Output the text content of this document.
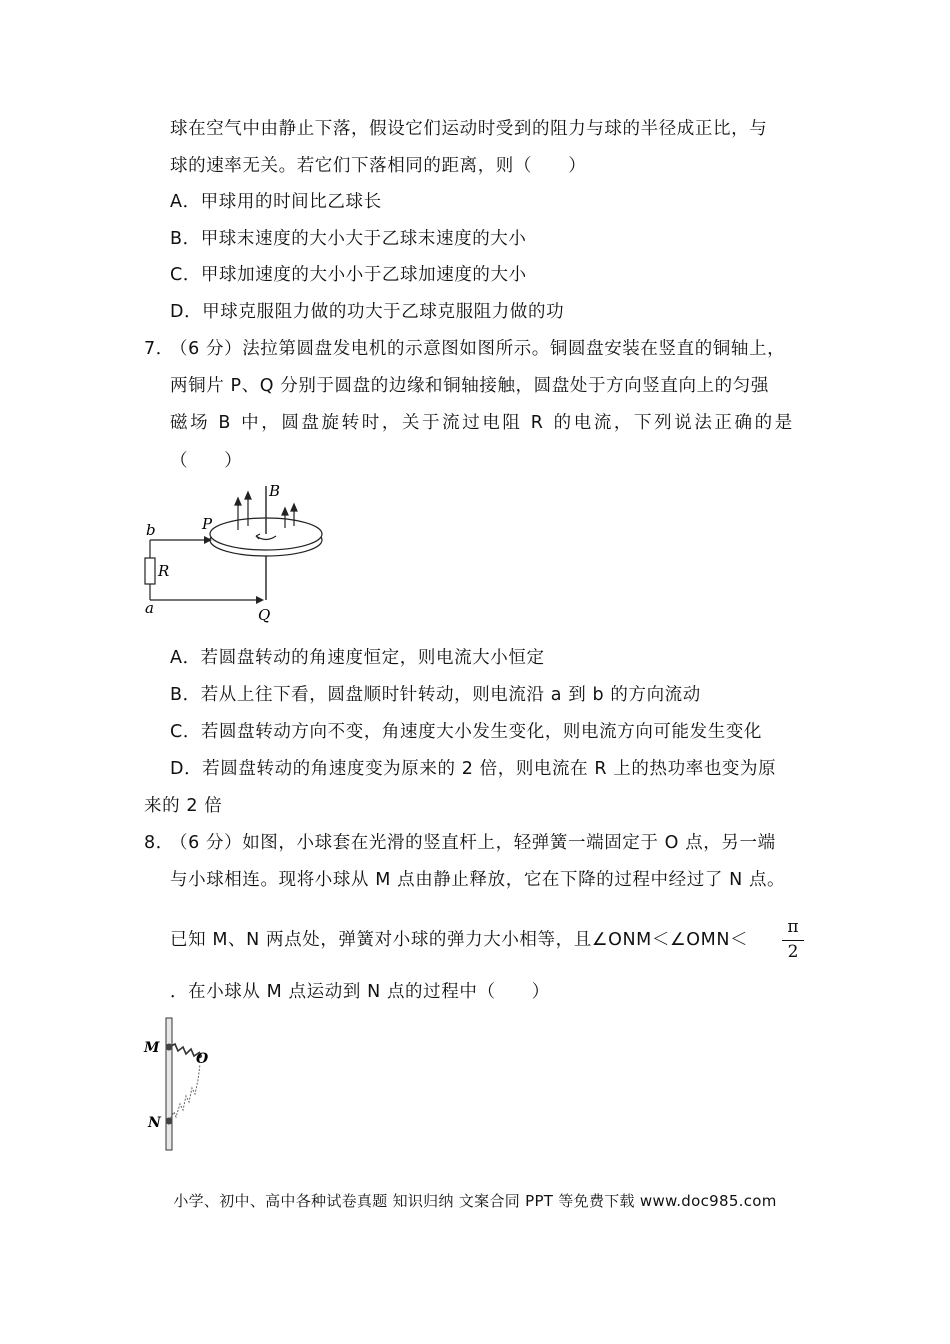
球在空气中由静止下落，假设它们运动时受到的阻力与球的半径成正比，与
球的速率无关。若它们下落相同的距离，则（　　）
A．甲球用的时间比乙球长
B．甲球末速度的大小大于乙球末速度的大小
C．甲球加速度的大小小于乙球加速度的大小
D．甲球克服阻力做的功大于乙球克服阻力做的功
7．
（6 分）法拉第圆盘发电机的示意图如图所示。铜圆盘安装在竖直的铜轴上，
两铜片 P、Q 分别于圆盘的边缘和铜轴接触，圆盘处于方向竖直向上的匀强
磁场 B 中，圆盘旋转时，关于流过电阻 R 的电流，下列说法正确的是
（　　）
b
a
R
P
Q
B
A．若圆盘转动的角速度恒定，则电流大小恒定
B．若从上往下看，圆盘顺时针转动，则电流沿 a 到 b 的方向流动
C．若圆盘转动方向不变，角速度大小发生变化，则电流方向可能发生变化
D．若圆盘转动的角速度变为原来的 2 倍，则电流在 R 上的热功率也变为原
来的 2 倍
8．
（6 分）如图，小球套在光滑的竖直杆上，轻弹簧一端固定于 O 点，另一端
与小球相连。现将小球从 M 点由静止释放，它在下降的过程中经过了 N 点。
已知 M、N 两点处，弹簧对小球的弹力大小相等，且∠ONM＜∠OMN＜
π
2
．在小球从 M 点运动到 N 点的过程中（　　）
M
O
N
小学、初中、高中各种试卷真题 知识归纳 文案合同 PPT 等免费下载 www.doc985.com
